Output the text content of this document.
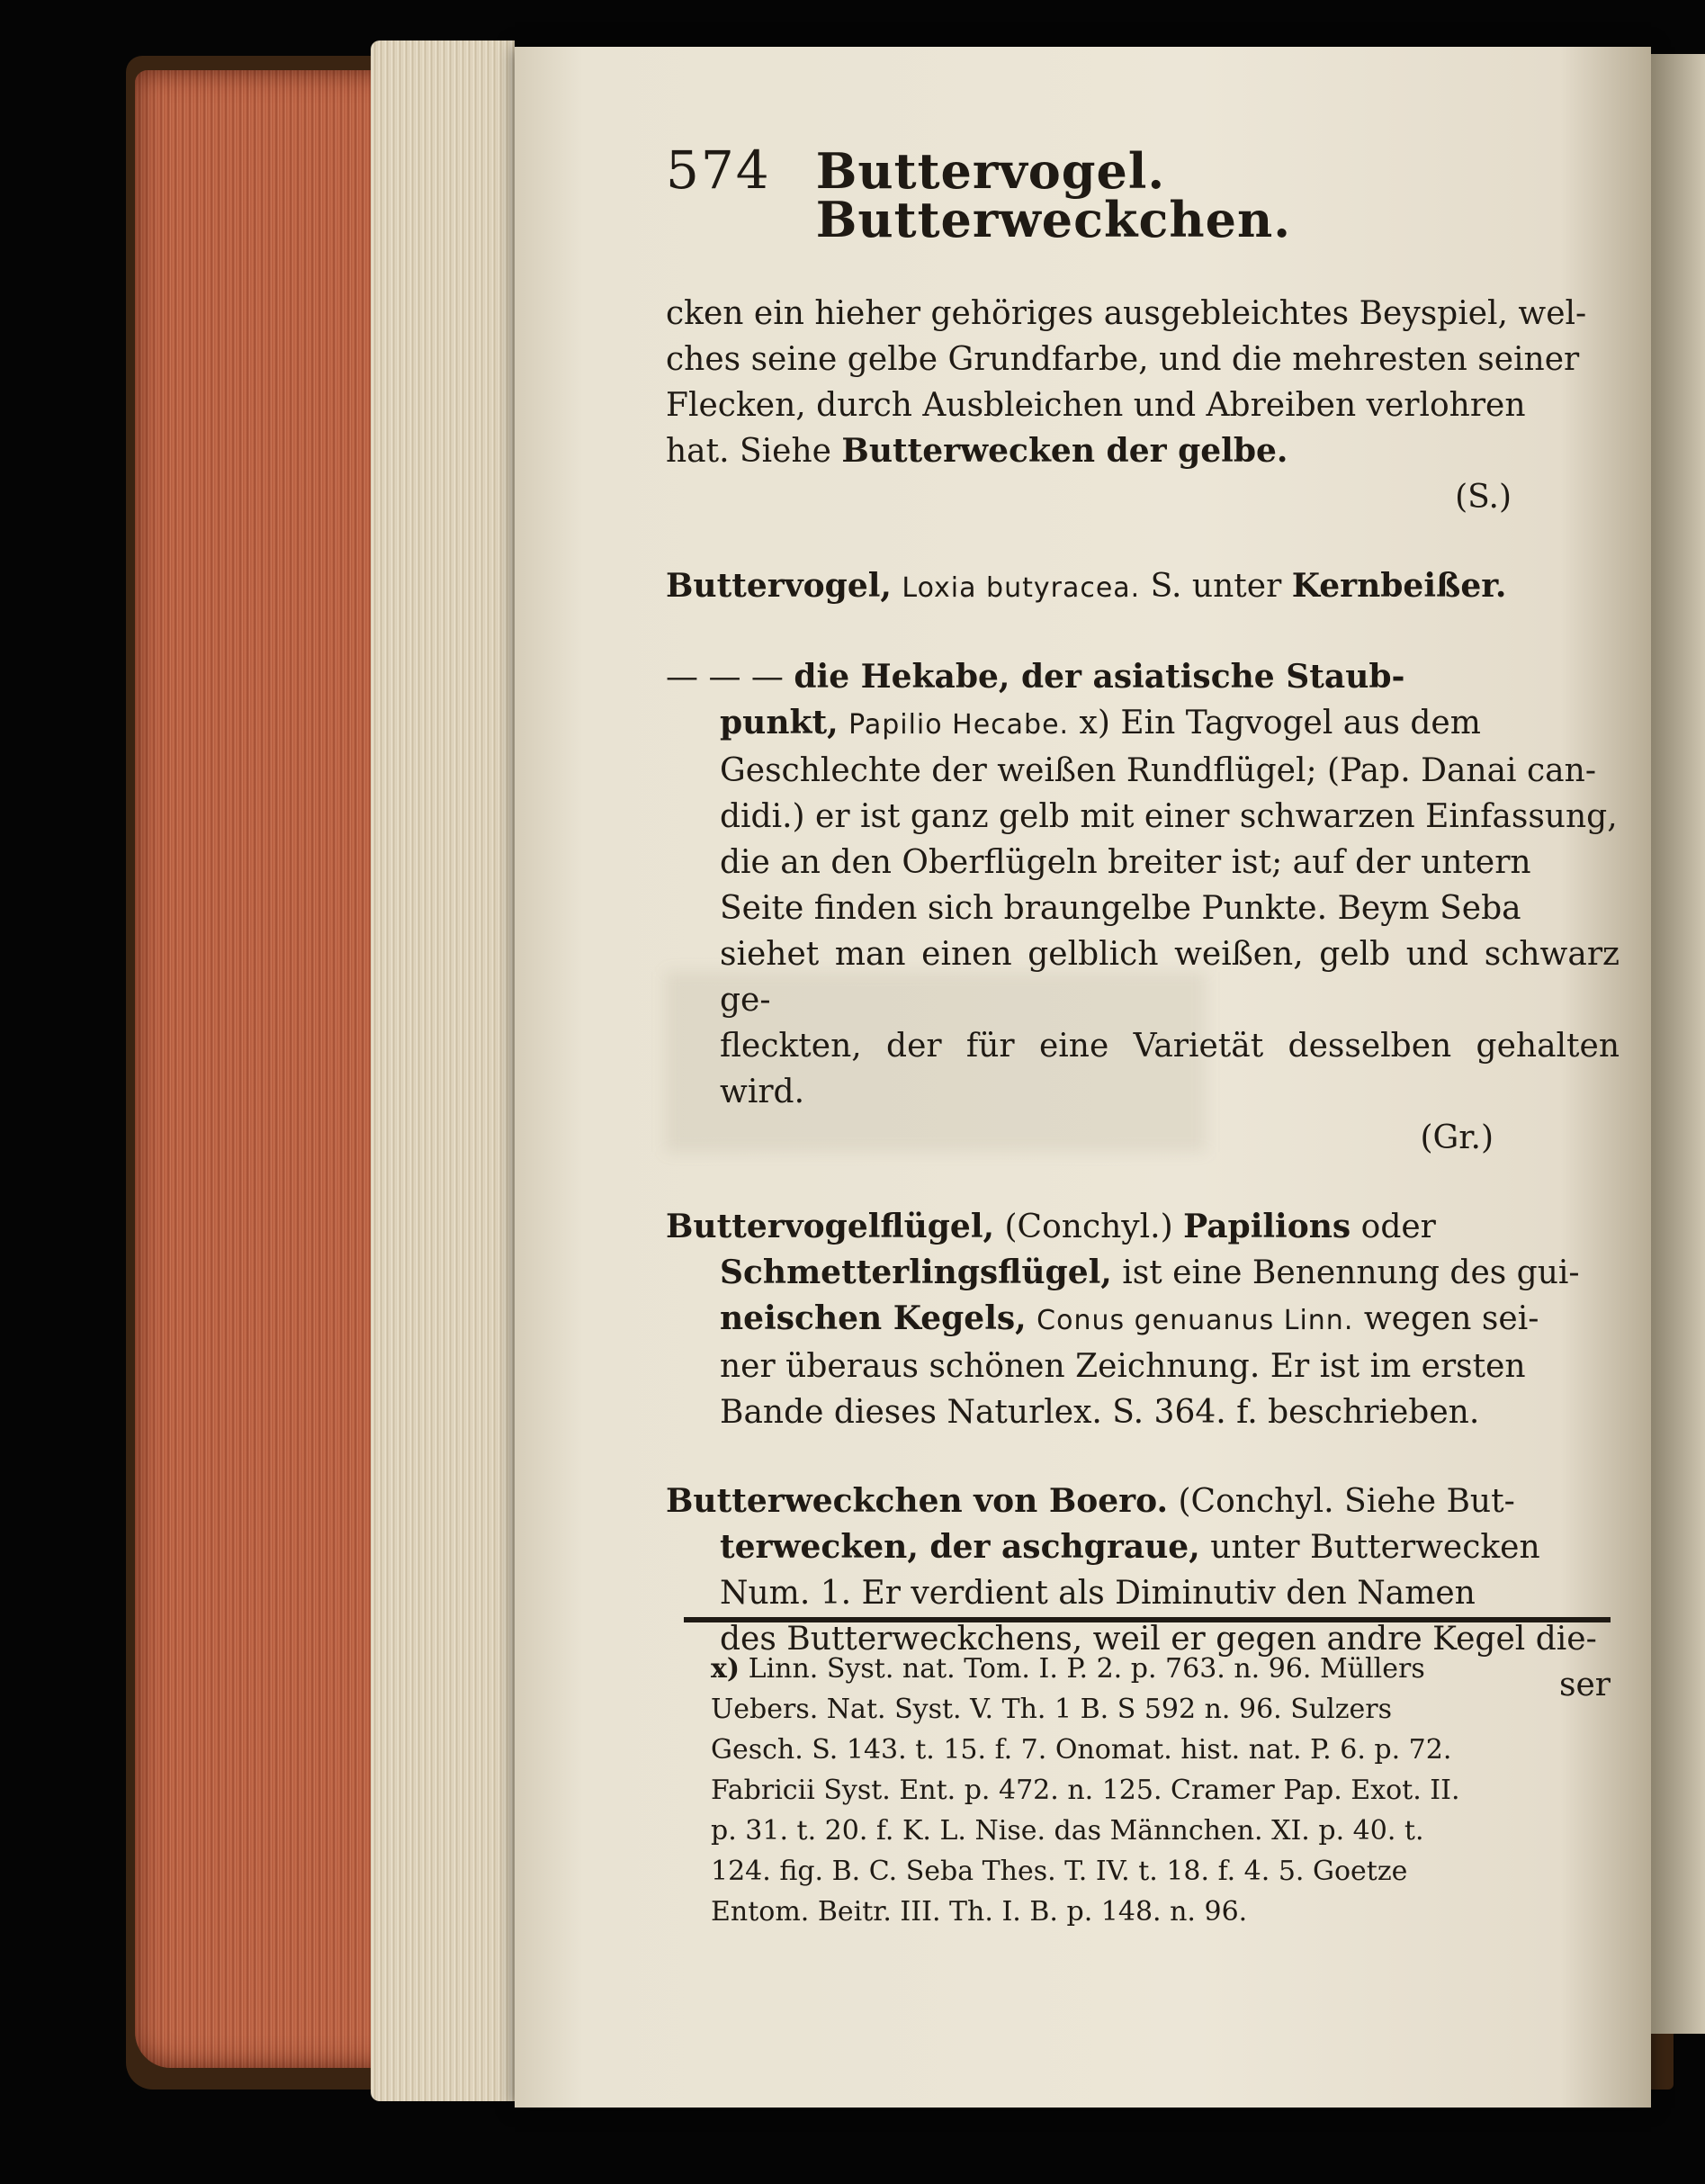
574 Buttervogel. Butterweckchen.
cken ein hieher gehöriges ausgebleichtes Beyspiel, wel-
ches seine gelbe Grundfarbe, und die mehresten seiner
Flecken, durch Ausbleichen und Abreiben verlohren
hat. Siehe Butterwecken der gelbe.
(S.)
Buttervogel, Loxia butyracea. S. unter Kernbeißer.
— — — die Hekabe, der asiatische Staub-
punkt, Papilio Hecabe. x) Ein Tagvogel aus dem
Geschlechte der weißen Rundflügel; (Pap. Danai can-
didi.) er ist ganz gelb mit einer schwarzen Einfassung,
die an den Oberflügeln breiter ist; auf der untern
Seite finden sich braungelbe Punkte. Beym Seba
siehet man einen gelblich weißen, gelb und schwarz ge-
fleckten, der für eine Varietät desselben gehalten wird.
(Gr.)
Buttervogelflügel, (Conchyl.) Papilions oder
Schmetterlingsflügel, ist eine Benennung des gui-
neischen Kegels, Conus genuanus Linn. wegen sei-
ner überaus schönen Zeichnung. Er ist im ersten
Bande dieses Naturlex. S. 364. f. beschrieben.
Butterweckchen von Boero. (Conchyl. Siehe But-
terwecken, der aschgraue, unter Butterwecken
Num. 1. Er verdient als Diminutiv den Namen
des Butterweckchens, weil er gegen andre Kegel die-
ser
x) Linn. Syst. nat. Tom. I. P. 2. p. 763. n. 96. Müllers
Uebers. Nat. Syst. V. Th. 1 B. S 592 n. 96. Sulzers
Gesch. S. 143. t. 15. f. 7. Onomat. hist. nat. P. 6. p. 72.
Fabricii Syst. Ent. p. 472. n. 125. Cramer Pap. Exot. II.
p. 31. t. 20. f. K. L. Nise. das Männchen. XI. p. 40. t.
124. fig. B. C. Seba Thes. T. IV. t. 18. f. 4. 5. Goetze
Entom. Beitr. III. Th. I. B. p. 148. n. 96.
